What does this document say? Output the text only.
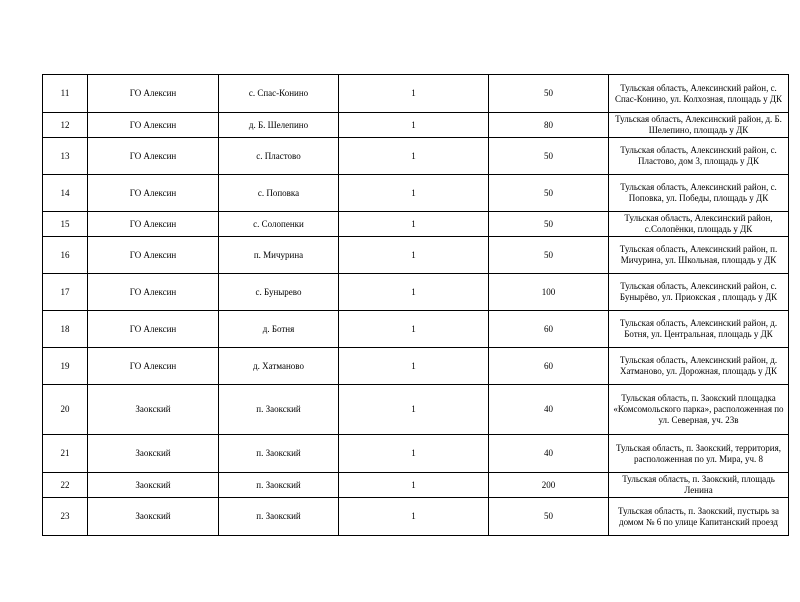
11	ГО Алексин	с. Спас-Конино	1	50	Тульская область, Алексинский район, с. Спас-Конино, ул. Колхозная, площадь у ДК
12	ГО Алексин	д. Б. Шелепино	1	80	Тульская область, Алексинский район, д. Б. Шелепино, площадь у ДК
13	ГО Алексин	с. Пластово	1	50	Тульская область, Алексинский район, с. Пластово, дом 3, площадь у ДК
14	ГО Алексин	с. Поповка	1	50	Тульская область, Алексинский район, с. Поповка, ул. Победы, площадь у ДК
15	ГО Алексин	с. Солопенки	1	50	Тульская область, Алексинский район, с.Солопёнки, площадь у ДК
16	ГО Алексин	п. Мичурина	1	50	Тульская область, Алексинский район, п. Мичурина, ул. Школьная, площадь у ДК
17	ГО Алексин	с. Бунырево	1	100	Тульская область, Алексинский район, с. Бунырёво, ул. Приокская , площадь у ДК
18	ГО Алексин	д. Ботня	1	60	Тульская область, Алексинский район, д. Ботня, ул. Центральная, площадь у ДК
19	ГО Алексин	д. Хатманово	1	60	Тульская область, Алексинский район, д. Хатманово, ул. Дорожная, площадь у ДК
20	Заокский	п. Заокский	1	40	Тульская область, п. Заокский площадка «Комсомольского парка», расположенная по ул. Северная, уч. 23в
21	Заокский	п. Заокский	1	40	Тульская область, п. Заокский, территория, расположенная по ул. Мира, уч. 8
22	Заокский	п. Заокский	1	200	Тульская область, п. Заокский, площадь Ленина
23	Заокский	п. Заокский	1	50	Тульская область, п. Заокский, пустырь за домом № 6 по улице Капитанский проезд
